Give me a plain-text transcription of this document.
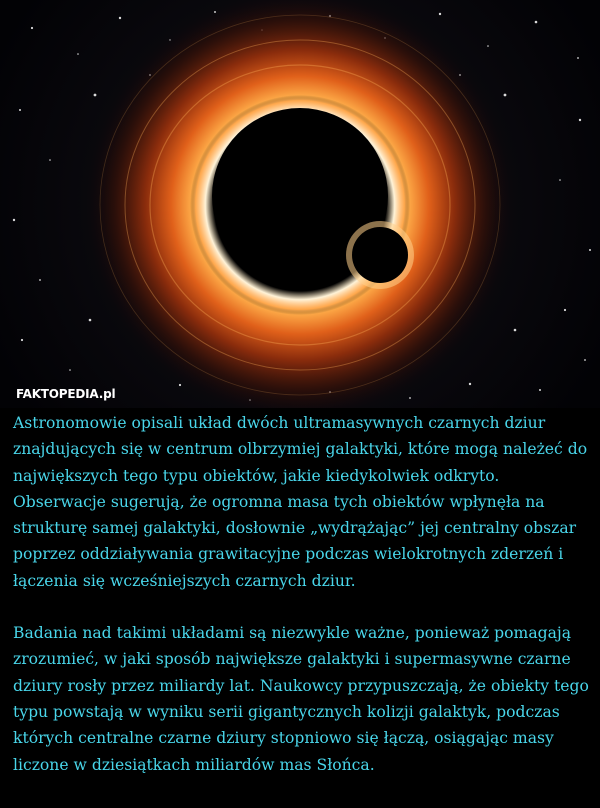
FAKTOPEDIA.pl

Astronomowie opisali układ dwóch ultramasywnych czarnych dziur znajdujących się w centrum olbrzymiej galaktyki, które mogą należeć do największych tego typu obiektów, jakie kiedykolwiek odkryto. Obserwacje sugerują, że ogromna masa tych obiektów wpłynęła na strukturę samej galaktyki, dosłownie „wydrążając” jej centralny obszar poprzez oddziaływania grawitacyjne podczas wielokrotnych zderzeń i łączenia się wcześniejszych czarnych dziur.

Badania nad takimi układami są niezwykle ważne, ponieważ pomagają zrozumieć, w jaki sposób największe galaktyki i supermasywne czarne dziury rosły przez miliardy lat. Naukowcy przypuszczają, że obiekty tego typu powstają w wyniku serii gigantycznych kolizji galaktyk, podczas których centralne czarne dziury stopniowo się łączą, osiągając masy liczone w dziesiątkach miliardów mas Słońca.
